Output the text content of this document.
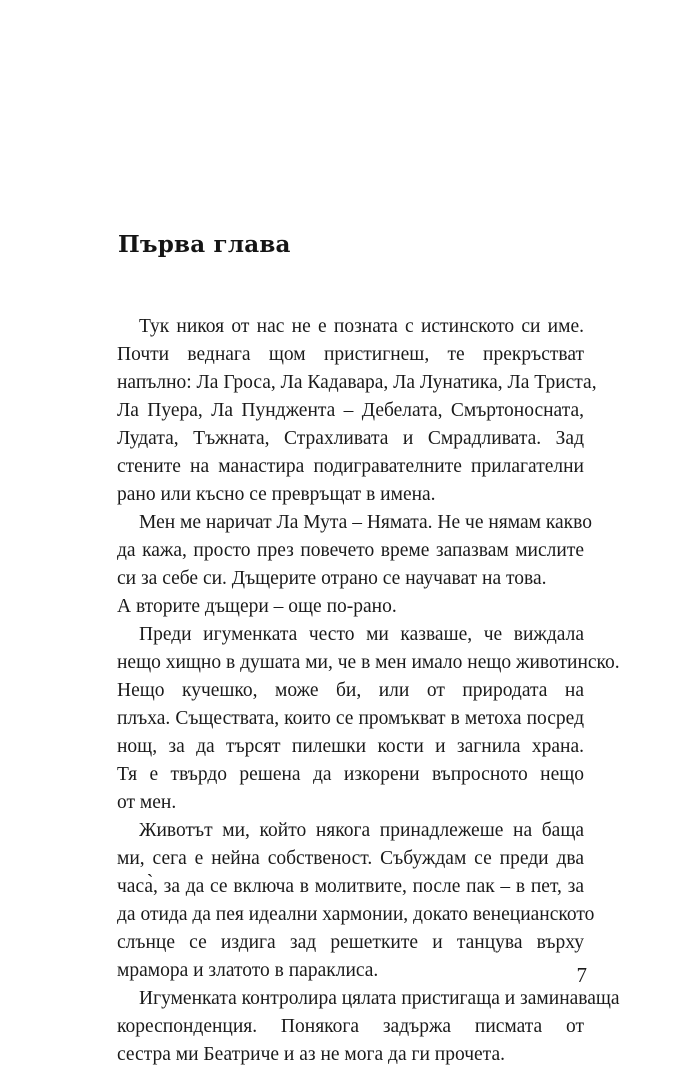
Първа глава
Тук никоя от нас не е позната с истинското си име.
Почти веднага щом пристигнеш, те прекръстват
напълно: Ла Гроса, Ла Кадавара, Ла Лунатика, Ла Триста,
Ла Пуера, Ла Пунджента – Дебелата, Смъртоносната,
Лудата, Тъжната, Страхливата и Смрадливата. Зад
стените на манастира подигравателните прилагателни
рано или късно се превръщат в имена.
Мен ме наричат Ла Мута – Нямата. Не че нямам какво
да кажа, просто през повечето време запазвам мислите
си за себе си. Дъщерите отрано се научават на това.
А вторите дъщери – още по-рано.
Преди игуменката често ми казваше, че виждала
нещо хищно в душата ми, че в мен имало нещо животинско.
Нещо кучешко, може би, или от природата на
плъха. Съществата, които се промъкват в метоха посред
нощ, за да търсят пилешки кости и загнила храна.
Тя е твърдо решена да изкорени въпросното нещо
от мен.
Животът ми, който някога принадлежеше на баща
ми, сега е нейна собственост. Събуждам се преди два
часа̀, за да се включа в молитвите, после пак – в пет, за
да отида да пея идеални хармонии, докато венецианското
слънце се издига зад решетките и танцува върху
мрамора и златото в параклиса.
Игуменката контролира цялата пристигаща и заминаваща
кореспонденция. Понякога задържа писмата от
сестра ми Беатриче и аз не мога да ги прочета.
7
